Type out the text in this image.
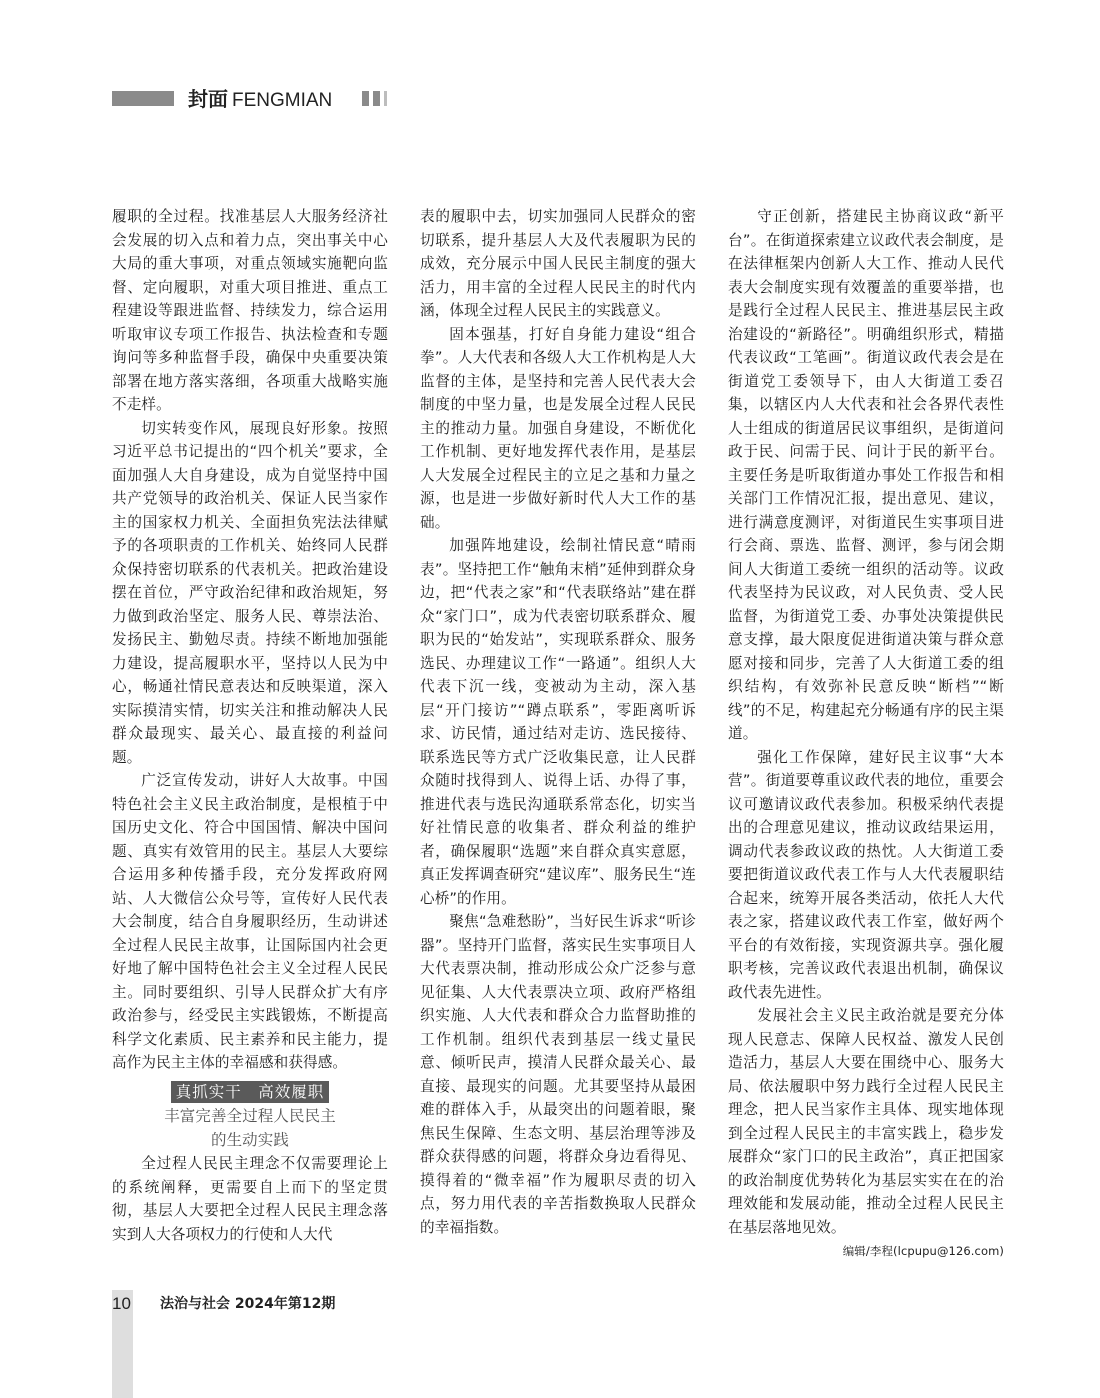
封面 FENGMIAN

履职的全过程。找准基层人大服务经济社会发展的切入点和着力点，突出事关中心大局的重大事项，对重点领域实施靶向监督、定向履职，对重大项目推进、重点工程建设等跟进监督、持续发力，综合运用听取审议专项工作报告、执法检查和专题询问等多种监督手段，确保中央重要决策部署在地方落实落细，各项重大战略实施不走样。

切实转变作风，展现良好形象。按照习近平总书记提出的“四个机关”要求，全面加强人大自身建设，成为自觉坚持中国共产党领导的政治机关、保证人民当家作主的国家权力机关、全面担负宪法法律赋予的各项职责的工作机关、始终同人民群众保持密切联系的代表机关。把政治建设摆在首位，严守政治纪律和政治规矩，努力做到政治坚定、服务人民、尊崇法治、发扬民主、勤勉尽责。持续不断地加强能力建设，提高履职水平，坚持以人民为中心，畅通社情民意表达和反映渠道，深入实际摸清实情，切实关注和推动解决人民群众最现实、最关心、最直接的利益问题。

广泛宣传发动，讲好人大故事。中国特色社会主义民主政治制度，是根植于中国历史文化、符合中国国情、解决中国问题、真实有效管用的民主。基层人大要综合运用多种传播手段，充分发挥政府网站、人大微信公众号等，宣传好人民代表大会制度，结合自身履职经历，生动讲述全过程人民民主故事，让国际国内社会更好地了解中国特色社会主义全过程人民民主。同时要组织、引导人民群众扩大有序政治参与，经受民主实践锻炼，不断提高科学文化素质、民主素养和民主能力，提高作为民主主体的幸福感和获得感。

真抓实干　高效履职
丰富完善全过程人民民主
的生动实践

全过程人民民主理念不仅需要理论上的系统阐释，更需要自上而下的坚定贯彻，基层人大要把全过程人民民主理念落实到人大各项权力的行使和人大代

表的履职中去，切实加强同人民群众的密切联系，提升基层人大及代表履职为民的成效，充分展示中国人民民主制度的强大活力，用丰富的全过程人民民主的时代内涵，体现全过程人民民主的实践意义。

固本强基，打好自身能力建设“组合拳”。人大代表和各级人大工作机构是人大监督的主体，是坚持和完善人民代表大会制度的中坚力量，也是发展全过程人民民主的推动力量。加强自身建设，不断优化工作机制、更好地发挥代表作用，是基层人大发展全过程民主的立足之基和力量之源，也是进一步做好新时代人大工作的基础。

加强阵地建设，绘制社情民意“晴雨表”。坚持把工作“触角末梢”延伸到群众身边，把“代表之家”和“代表联络站”建在群众“家门口”，成为代表密切联系群众、履职为民的“始发站”，实现联系群众、服务选民、办理建议工作“一路通”。组织人大代表下沉一线，变被动为主动，深入基层“开门接访”“蹲点联系”，零距离听诉求、访民情，通过结对走访、选民接待、联系选民等方式广泛收集民意，让人民群众随时找得到人、说得上话、办得了事，推进代表与选民沟通联系常态化，切实当好社情民意的收集者、群众利益的维护者，确保履职“选题”来自群众真实意愿，真正发挥调查研究“建议库”、服务民生“连心桥”的作用。

聚焦“急难愁盼”，当好民生诉求“听诊器”。坚持开门监督，落实民生实事项目人大代表票决制，推动形成公众广泛参与意见征集、人大代表票决立项、政府严格组织实施、人大代表和群众合力监督助推的工作机制。组织代表到基层一线丈量民意、倾听民声，摸清人民群众最关心、最直接、最现实的问题。尤其要坚持从最困难的群体入手，从最突出的问题着眼，聚焦民生保障、生态文明、基层治理等涉及群众获得感的问题，将群众身边看得见、摸得着的“微幸福”作为履职尽责的切入点，努力用代表的辛苦指数换取人民群众的幸福指数。

守正创新，搭建民主协商议政“新平台”。在街道探索建立议政代表会制度，是在法律框架内创新人大工作、推动人民代表大会制度实现有效覆盖的重要举措，也是践行全过程人民民主、推进基层民主政治建设的“新路径”。明确组织形式，精描代表议政“工笔画”。街道议政代表会是在街道党工委领导下，由人大街道工委召集，以辖区内人大代表和社会各界代表性人士组成的街道居民议事组织，是街道问政于民、问需于民、问计于民的新平台。主要任务是听取街道办事处工作报告和相关部门工作情况汇报，提出意见、建议，进行满意度测评，对街道民生实事项目进行会商、票选、监督、测评，参与闭会期间人大街道工委统一组织的活动等。议政代表坚持为民议政，对人民负责、受人民监督，为街道党工委、办事处决策提供民意支撑，最大限度促进街道决策与群众意愿对接和同步，完善了人大街道工委的组织结构，有效弥补民意反映“断档”“断线”的不足，构建起充分畅通有序的民主渠道。

强化工作保障，建好民主议事“大本营”。街道要尊重议政代表的地位，重要会议可邀请议政代表参加。积极采纳代表提出的合理意见建议，推动议政结果运用，调动代表参政议政的热忱。人大街道工委要把街道议政代表工作与人大代表履职结合起来，统筹开展各类活动，依托人大代表之家，搭建议政代表工作室，做好两个平台的有效衔接，实现资源共享。强化履职考核，完善议政代表退出机制，确保议政代表先进性。

发展社会主义民主政治就是要充分体现人民意志、保障人民权益、激发人民创造活力，基层人大要在围绕中心、服务大局、依法履职中努力践行全过程人民民主理念，把人民当家作主具体、现实地体现到全过程人民民主的丰富实践上，稳步发展群众“家门口的民主政治”，真正把国家的政治制度优势转化为基层实实在在的治理效能和发展动能，推动全过程人民民主在基层落地见效。

编辑/李程(lcpupu@126.com)
10 法治与社会 2024年第12期
